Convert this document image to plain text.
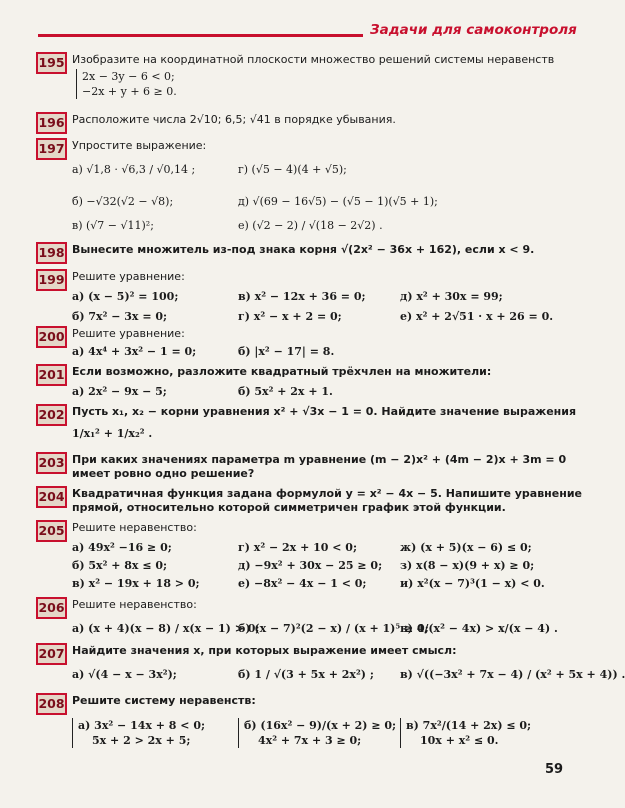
Задачи для самоконтроля
195 Изобразите на координатной плоскости множество решений системы неравенств
2x − 3y − 6 < 0;
−2x + y + 6 ≥ 0.
196 Расположите числа 2√10; 6,5; √41 в порядке убывания.
197 Упростите выражение:
а) √1,8 · √6,3 / √0,14 ;	г) (√5 − 4)(4 + √5);
б) −√32(√2 − √8);	д) √(69 − 16√5) − (√5 − 1)(√5 + 1);
в) (√7 − √11)²;	е) (√2 − 2) / √(18 − 2√2) .
198 Вынесите множитель из-под знака корня √(2x² − 36x + 162), если x < 9.
199 Решите уравнение:
а) (x − 5)² = 100;	в) x² − 12x + 36 = 0;	д) x² + 30x = 99;
б) 7x² − 3x = 0;	г) x² − x + 2 = 0;	е) x² + 2√51 · x + 26 = 0.
200 Решите уравнение:
а) 4x⁴ + 3x² − 1 = 0;	б) |x² − 17| = 8.
201 Если возможно, разложите квадратный трёхчлен на множители:
а) 2x² − 9x − 5;	б) 5x² + 2x + 1.
202 Пусть x₁, x₂ − корни уравнения x² + √3x − 1 = 0. Найдите значение выражения
1/x₁² + 1/x₂² .
203 При каких значениях параметра m уравнение (m − 2)x² + (4m − 2)x + 3m = 0
имеет ровно одно решение?
204 Квадратичная функция задана формулой y = x² − 4x − 5. Напишите уравнение
прямой, относительно которой симметричен график этой функции.
205 Решите неравенство:
а) 49x² −16 ≥ 0;	г) x² − 2x + 10 < 0;	ж) (x + 5)(x − 6) ≤ 0;
б) 5x² + 8x ≤ 0;	д) −9x² + 30x − 25 ≥ 0; з) x(8 − x)(9 + x) ≥ 0;
в) x² − 19x + 18 > 0;	е) −8x² − 4x − 1 < 0;	и) x²(x − 7)³(1 − x) < 0.
206 Решите неравенство:
а) (x + 4)(x − 8) / x(x − 1) > 0;
б) (x − 7)²(2 − x) / (x + 1)⁵ ≥ 0;
в) 4/(x² − 4x) > x/(x − 4) .
207 Найдите значения x, при которых выражение имеет смысл:
а) √(4 − x − 3x²);	б) 1 / √(3 + 5x + 2x²) ; в) √((−3x² + 7x − 4) / (x² + 5x + 4)) .
208 Решите систему неравенств:
а) 3x² − 14x + 8 < 0;
5x + 2 > 2x + 5;
б) (16x² − 9)/(x + 2) ≥ 0;
4x² + 7x + 3 ≥ 0;
в) 7x²/(14 + 2x) ≤ 0;
10x + x² ≤ 0.
59
